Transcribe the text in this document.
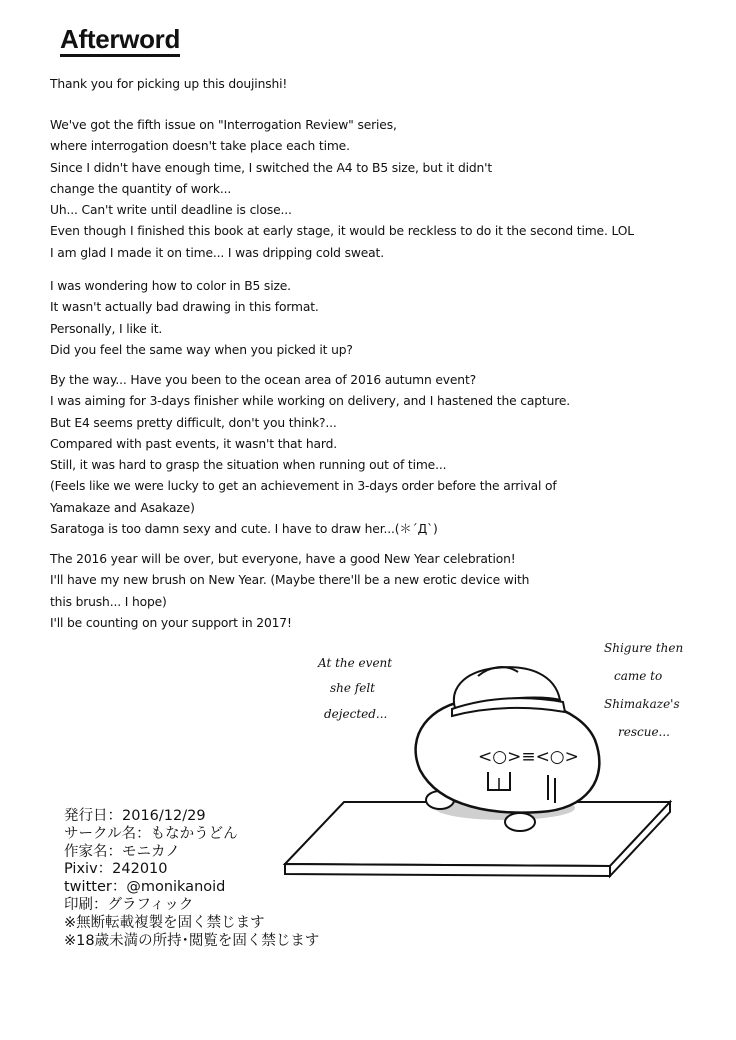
Afterword
Thank you for picking up this doujinshi!
We've got the fifth issue on "Interrogation Review" series,
where interrogation doesn't take place each time.
Since I didn't have enough time, I switched the A4 to B5 size, but it didn't
change the quantity of work...
Uh... Can't write until deadline is close...
Even though I finished this book at early stage, it would be reckless to do it the second time. LOL
I am glad I made it on time... I was dripping cold sweat.
I was wondering how to color in B5 size.
It wasn't actually bad drawing in this format.
Personally, I like it.
Did you feel the same way when you picked it up?
By the way... Have you been to the ocean area of 2016 autumn event?
I was aiming for 3-days finisher while working on delivery, and I hastened the capture.
But E4 seems pretty difficult, don't you think?...
Compared with past events, it wasn't that hard.
Still, it was hard to grasp the situation when running out of time...
(Feels like we were lucky to get an achievement in 3-days order before the arrival of
Yamakaze and Asakaze)
Saratoga is too damn sexy and cute. I have to draw her...(＊´Д`)
The 2016 year will be over, but everyone, have a good New Year celebration!
I'll have my new brush on New Year. (Maybe there'll be a new erotic device with
this brush... I hope)
I'll be counting on your support in 2017!
<○>≡<○>
At the event
she felt
dejected...
Shigure then
came to
Shimakaze's
rescue...
発行日：2016/12/29
サークル名：もなかうどん
作家名：モニカノ
Pixiv：242010
twitter：@monikanoid
印刷：グラフィック
※無断転載複製を固く禁じます
※18歳未満の所持･閲覧を固く禁じます
